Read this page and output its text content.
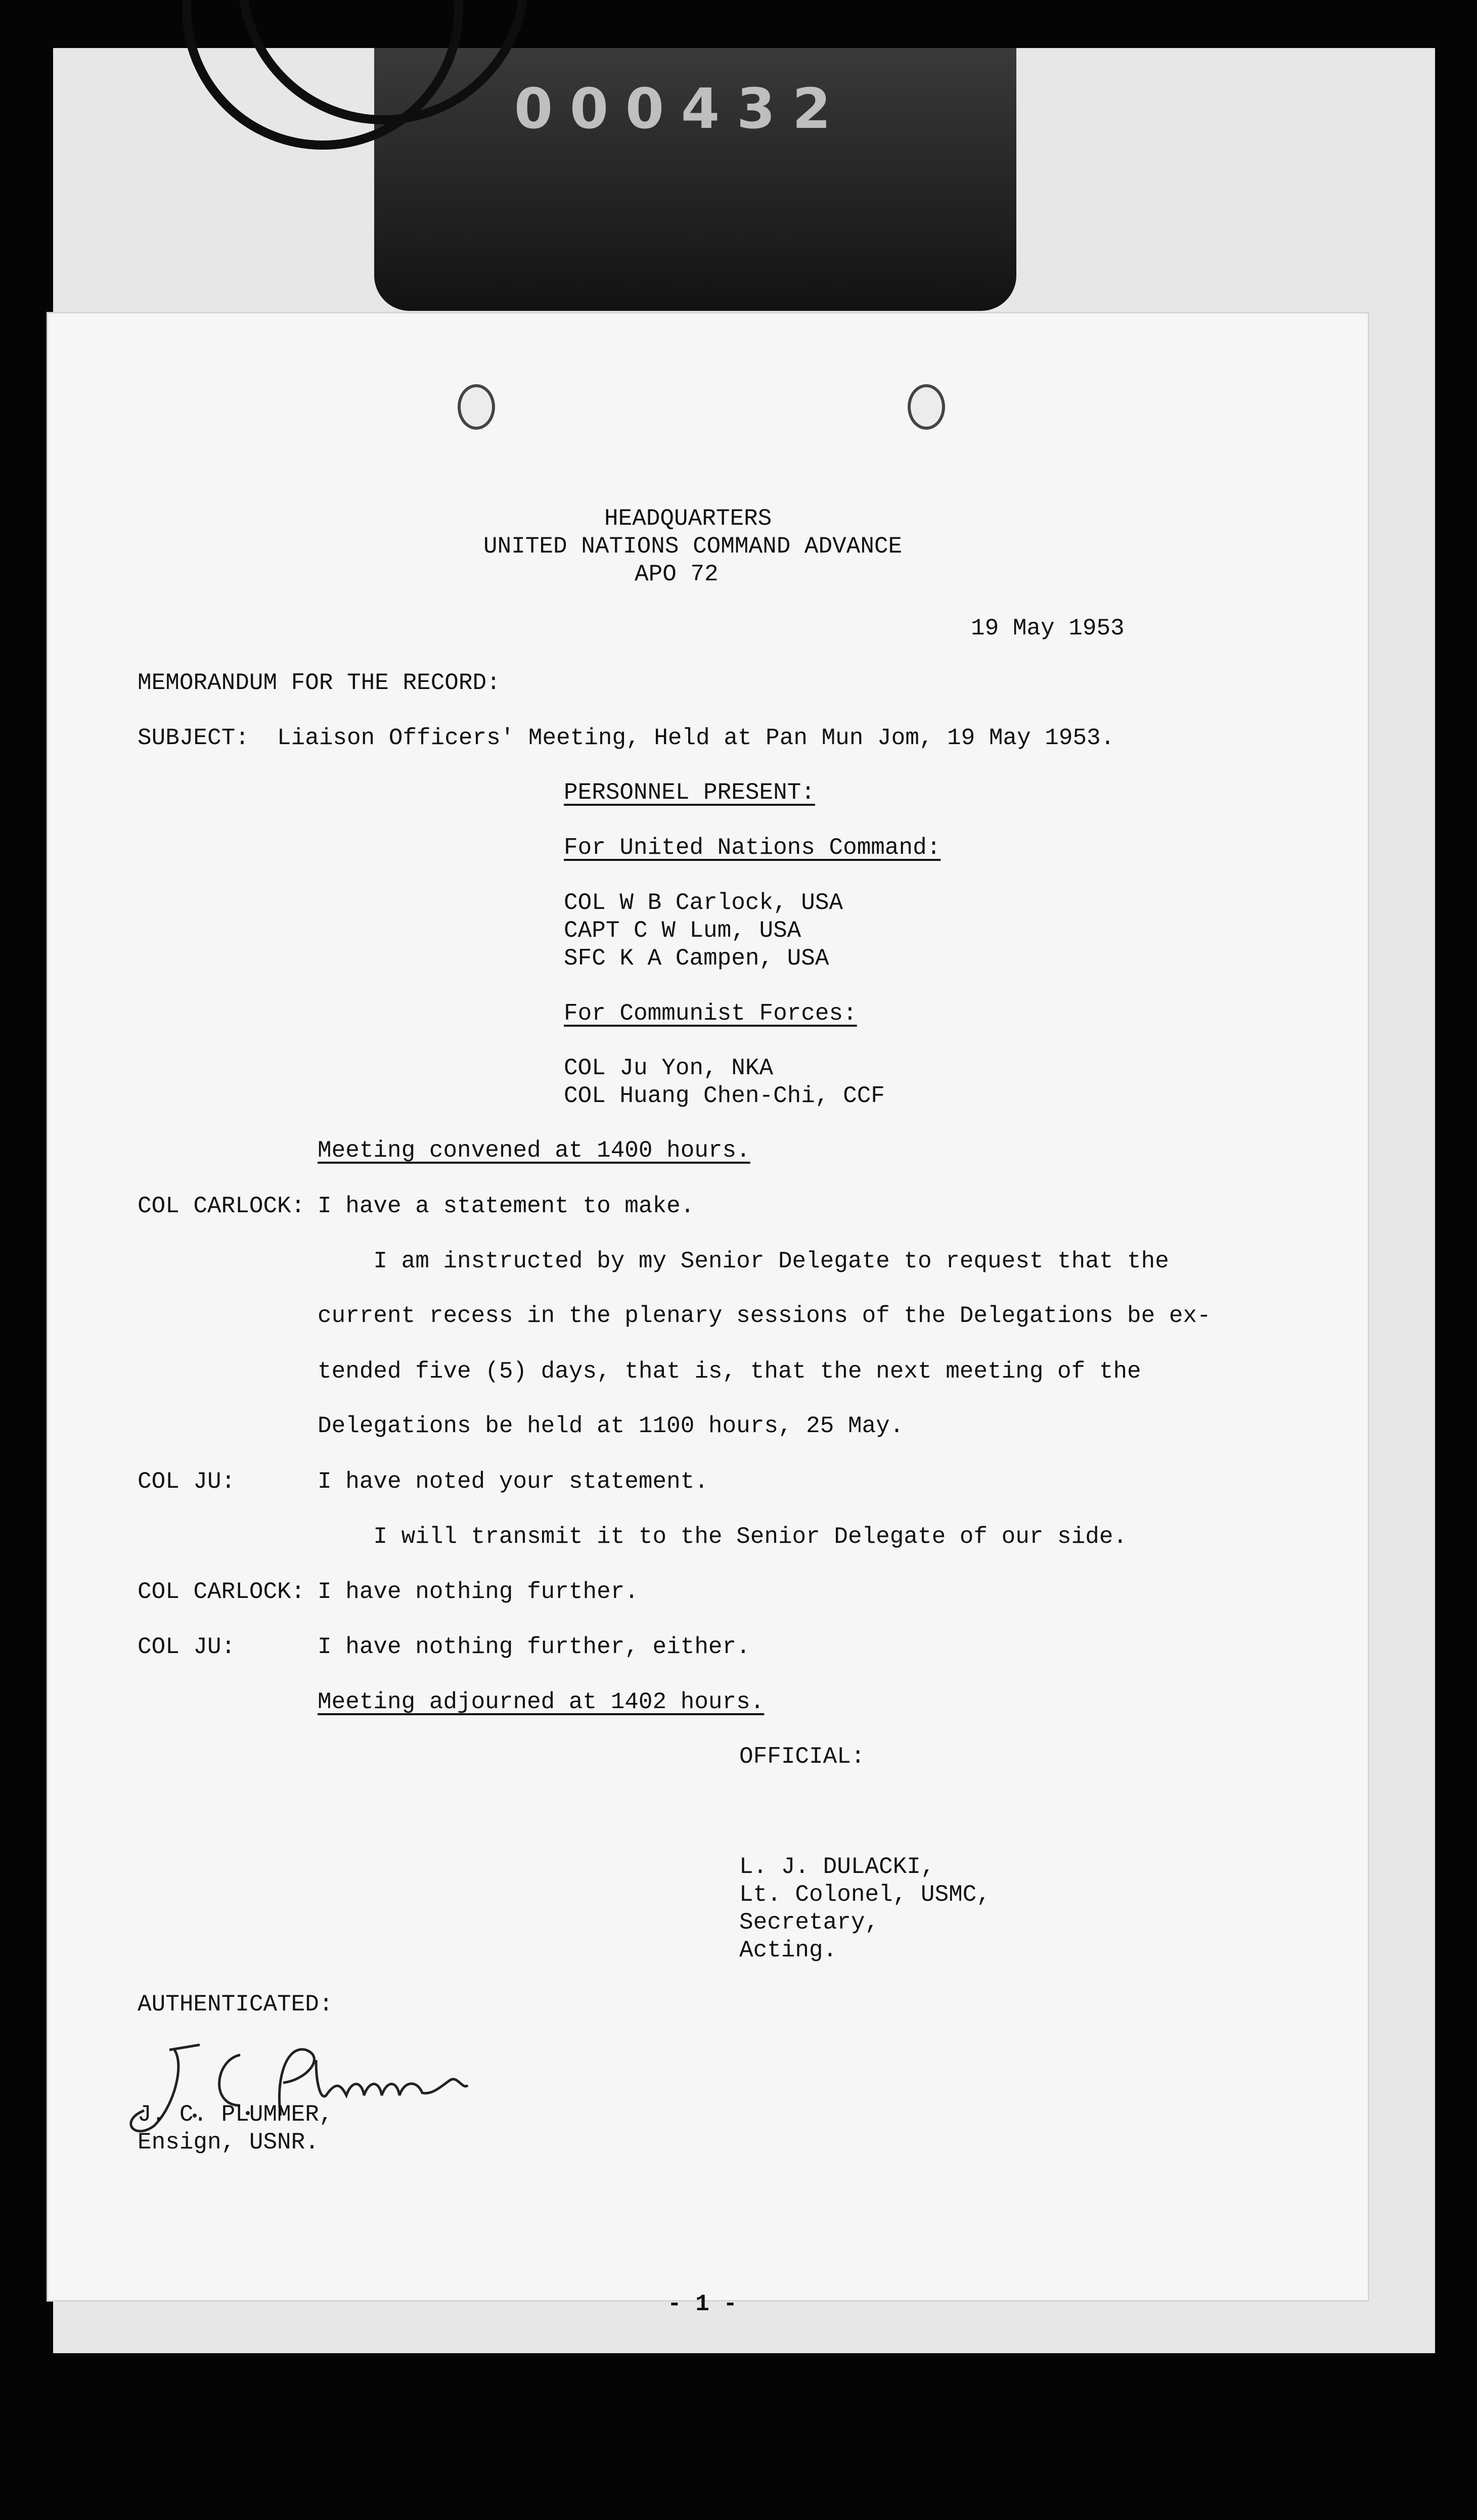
0 0 0 4 3 2
HEADQUARTERS
UNITED NATIONS COMMAND ADVANCE
APO 72
19 May 1953
MEMORANDUM FOR THE RECORD:
SUBJECT: Liaison Officers' Meeting, Held at Pan Mun Jom, 19 May 1953.
PERSONNEL PRESENT:
For United Nations Command:
COL W B Carlock, USA
CAPT C W Lum, USA
SFC K A Campen, USA
For Communist Forces:
COL Ju Yon, NKA
COL Huang Chen-Chi, CCF
Meeting convened at 1400 hours.
COL CARLOCK: I have a statement to make.
I am instructed by my Senior Delegate to request that the
current recess in the plenary sessions of the Delegations be ex-
tended five (5) days, that is, that the next meeting of the
Delegations be held at 1100 hours, 25 May.
COL JU:	I have noted your statement.
I will transmit it to the Senior Delegate of our side.
COL CARLOCK: I have nothing further.
COL JU:	I have nothing further, either.
Meeting adjourned at 1402 hours.
OFFICIAL:
L. J. DULACKI,
Lt. Colonel, USMC,
Secretary,
Acting.
AUTHENTICATED:
J. C. PLUMMER,
Ensign, USNR.
- 1 -
